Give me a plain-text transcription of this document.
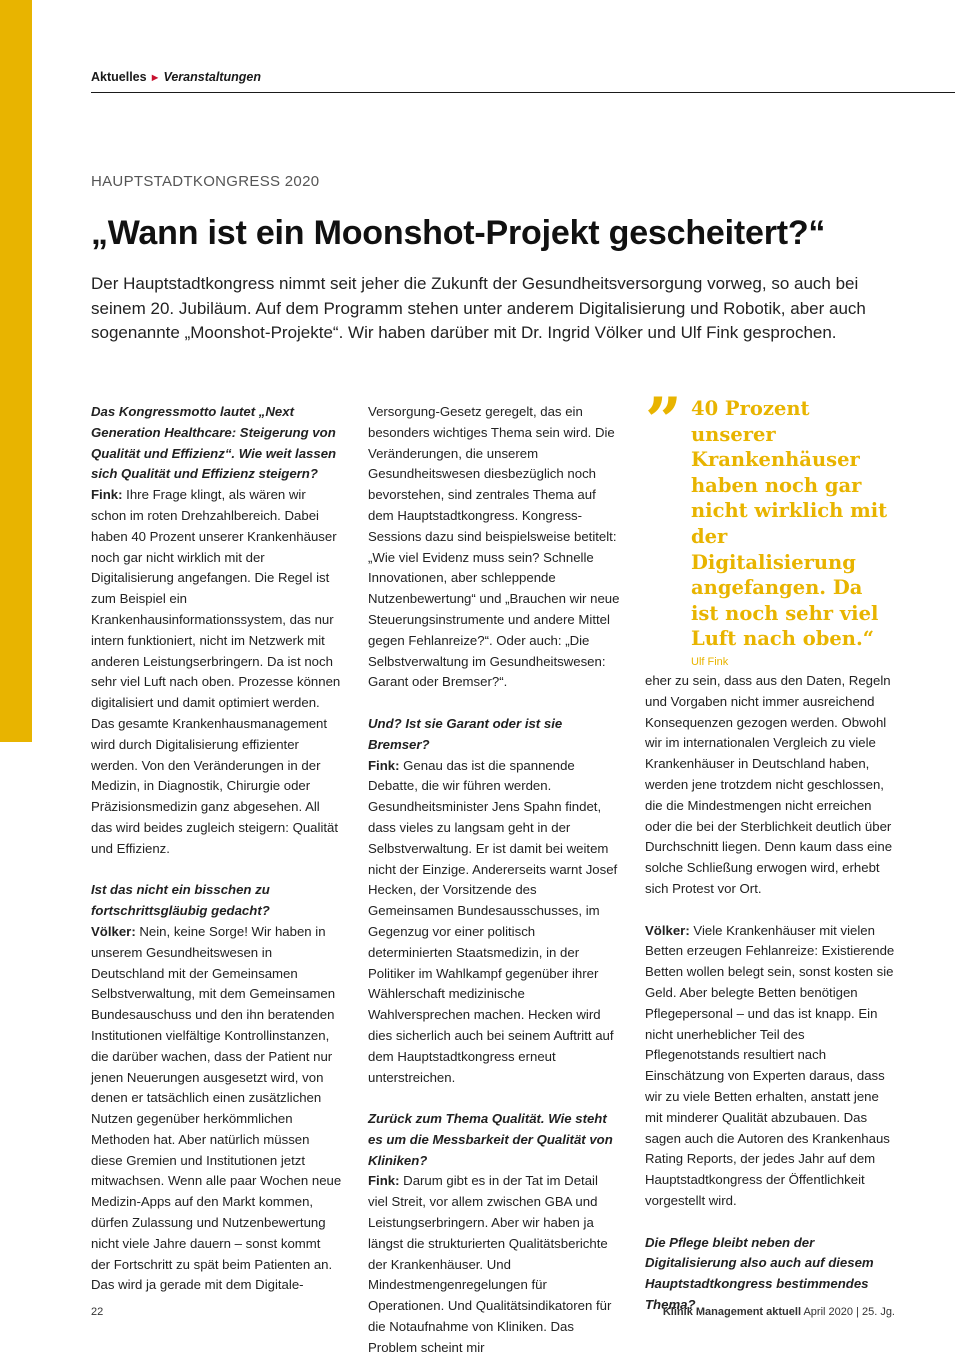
Aktuelles ► Veranstaltungen
HAUPTSTADTKONGRESS 2020
„Wann ist ein Moonshot-Projekt gescheitert?“

Der Hauptstadtkongress nimmt seit jeher die Zukunft der Gesundheitsversorgung vorweg, so auch bei seinem 20. Jubiläum. Auf dem Programm stehen unter anderem Digitalisierung und Robotik, aber auch sogenannte „Moonshot-Projekte“. Wir haben darüber mit Dr. Ingrid Völker und Ulf Fink gesprochen.

Das Kongressmotto lautet „Next Generation Healthcare: Steigerung von Qualität und Effizienz“. Wie weit lassen sich Qualität und Effizienz steigern?

Fink: Ihre Frage klingt, als wären wir schon im roten Drehzahlbereich. Dabei haben 40 Prozent unserer Krankenhäuser noch gar nicht wirklich mit der Digitalisierung angefangen. Die Regel ist zum Beispiel ein Krankenhausinformationssystem, das nur intern funktioniert, nicht im Netzwerk mit anderen Leistungserbringern. Da ist noch sehr viel Luft nach oben. Prozesse können digitalisiert und damit optimiert werden. Das gesamte Krankenhausmanagement wird durch Digitalisierung effizienter werden. Von den Veränderungen in der Medizin, in Diagnostik, Chirurgie oder Präzisionsmedizin ganz abgesehen. All das wird beides zugleich steigern: Qualität und Effizienz.

Ist das nicht ein bisschen zu fortschrittsgläubig gedacht?

Völker: Nein, keine Sorge! Wir haben in unserem Gesundheitswesen in Deutschland mit der Gemeinsamen Selbstverwaltung, mit dem Gemeinsamen Bundesauschuss und den ihn beratenden Institutionen vielfältige Kontrollinstanzen, die darüber wachen, dass der Patient nur jenen Neuerungen ausgesetzt wird, von denen er tatsächlich einen zusätzlichen Nutzen gegenüber herkömmlichen Methoden hat. Aber natürlich müssen diese Gremien und Institutionen jetzt mitwachsen. Wenn alle paar Wochen neue Medizin-Apps auf den Markt kommen, dürfen Zulassung und Nutzenbewertung nicht viele Jahre dauern – sonst kommt der Fortschritt zu spät beim Patienten an. Das wird ja gerade mit dem Digitale-

Versorgung-Gesetz geregelt, das ein besonders wichtiges Thema sein wird. Die Veränderungen, die unserem Gesundheitswesen diesbezüglich noch bevorstehen, sind zentrales Thema auf dem Hauptstadtkongress. Kongress-Sessions dazu sind beispielsweise betitelt: „Wie viel Evidenz muss sein? Schnelle Innovationen, aber schleppende Nutzenbewertung“ und „Brauchen wir neue Steuerungsinstrumente und andere Mittel gegen Fehlanreize?“. Oder auch: „Die Selbstverwaltung im Gesundheitswesen: Garant oder Bremser?“.

Und? Ist sie Garant oder ist sie Bremser?

Fink: Genau das ist die spannende Debatte, die wir führen werden. Gesundheitsminister Jens Spahn findet, dass vieles zu langsam geht in der Selbstverwaltung. Er ist damit bei weitem nicht der Einzige. Andererseits warnt Josef Hecken, der Vorsitzende des Gemeinsamen Bundesausschusses, im Gegenzug vor einer politisch determinierten Staatsmedizin, in der Politiker im Wahlkampf gegenüber ihrer Wählerschaft medizinische Wahlversprechen machen. Hecken wird dies sicherlich auch bei seinem Auftritt auf dem Hauptstadtkongress erneut unterstreichen.

Zurück zum Thema Qualität. Wie steht es um die Messbarkeit der Qualität von Kliniken?

Fink: Darum gibt es in der Tat im Detail viel Streit, vor allem zwischen GBA und Leistungserbringern. Aber wir haben ja längst die strukturierten Qualitätsberichte der Krankenhäuser. Und Mindestmengenregelungen für Operationen. Und Qualitätsindikatoren für die Notaufnahme von Kliniken. Das Problem scheint mir

” 40 Prozent unserer Krankenhäuser haben noch gar nicht wirklich mit der Digitalisierung angefangen. Da ist noch sehr viel Luft nach oben.“

Ulf Fink

eher zu sein, dass aus den Daten, Regeln und Vorgaben nicht immer ausreichend Konsequenzen gezogen werden. Obwohl wir im internationalen Vergleich zu viele Krankenhäuser in Deutschland haben, werden jene trotzdem nicht geschlossen, die die Mindestmengen nicht erreichen oder die bei der Sterblichkeit deutlich über Durchschnitt liegen. Denn kaum dass eine solche Schließung erwogen wird, erhebt sich Protest vor Ort.

Völker: Viele Krankenhäuser mit vielen Betten erzeugen Fehlanreize: Existierende Betten wollen belegt sein, sonst kosten sie Geld. Aber belegte Betten benötigen Pflegepersonal – und das ist knapp. Ein nicht unerheblicher Teil des Pflegenotstands resultiert nach Einschätzung von Experten daraus, dass wir zu viele Betten erhalten, anstatt jene mit minderer Qualität abzubauen. Das sagen auch die Autoren des Krankenhaus Rating Reports, der jedes Jahr auf dem Hauptstadtkongress der Öffentlichkeit vorgestellt wird.

Die Pflege bleibt neben der Digitalisierung also auch auf diesem Hauptstadtkongress bestimmendes Thema?

22	Klinik Management aktuell April 2020 | 25. Jg.
